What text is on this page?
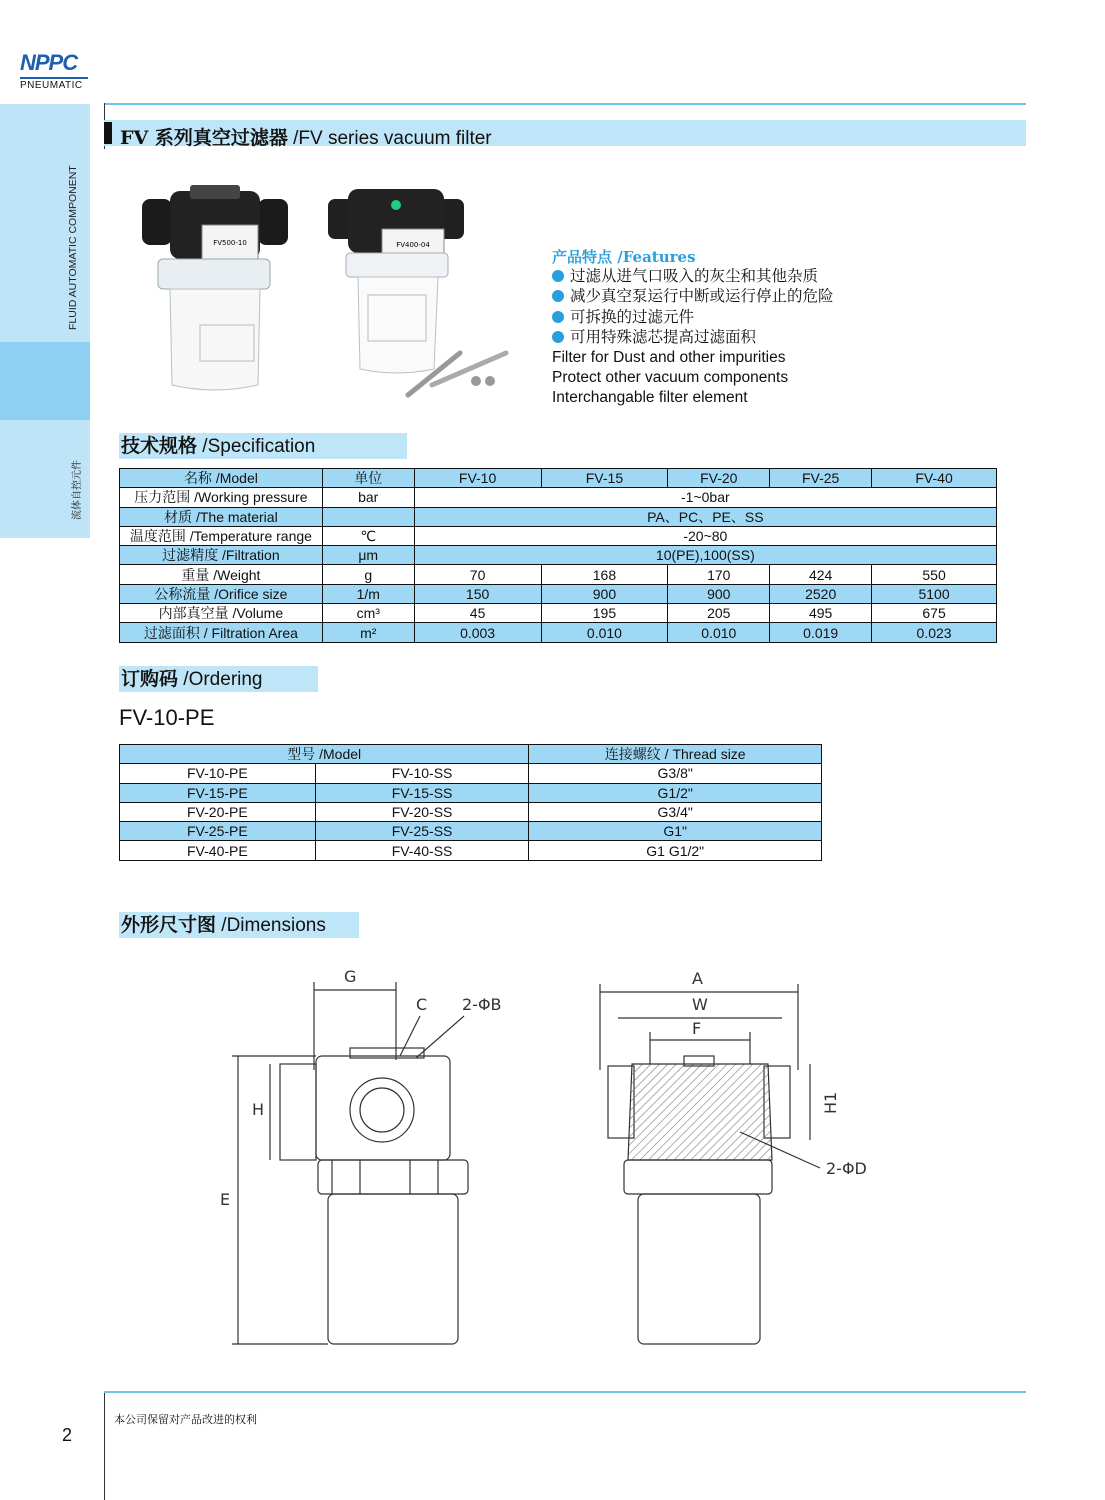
NPPC
PNEUMATIC
FLUID AUTOMATIC COMPONENT
流体自控元件
FV 系列真空过滤器 /FV series vacuum filter
FV500-10	FV400-04
产品特点 /Features
过滤从进气口吸入的灰尘和其他杂质
减少真空泵运行中断或运行停止的危险
可拆换的过滤元件
可用特殊滤芯提高过滤面积
Filter for Dust and other impurities
Protect other vacuum components
Interchangable filter element
技术规格 /Specification
名称 /Model	单位	FV-10	FV-15	FV-20	FV-25	FV-40
压力范围 /Working pressure	bar	-1~0bar				
材质 /The material		PA、PC、PE、SS				
温度范围 /Temperature range	℃	-20~80				
过滤精度 /Filtration	μm	10(PE),100(SS)				
重量 /Weight	g	70	168	170	424	550
公称流量 /Orifice size	1/m	150	900	900	2520	5100
内部真空量 /Volume	cm³	45	195	205	495	675
过滤面积 / Filtration Area	m²	0.003	0.010	0.010	0.019	0.023
订购码 /Ordering
FV-10-PE
型号 /Model		连接螺纹 / Thread size
FV-10-PE	FV-10-SS	G3/8"
FV-15-PE	FV-15-SS	G1/2"
FV-20-PE	FV-20-SS	G3/4"
FV-25-PE	FV-25-SS	G1"
FV-40-PE	FV-40-SS	G1 G1/2"
外形尺寸图 /Dimensions
G
C 2-ΦB
H
E
A
W
F
H1
2-ΦD
本公司保留对产品改进的权利
2
